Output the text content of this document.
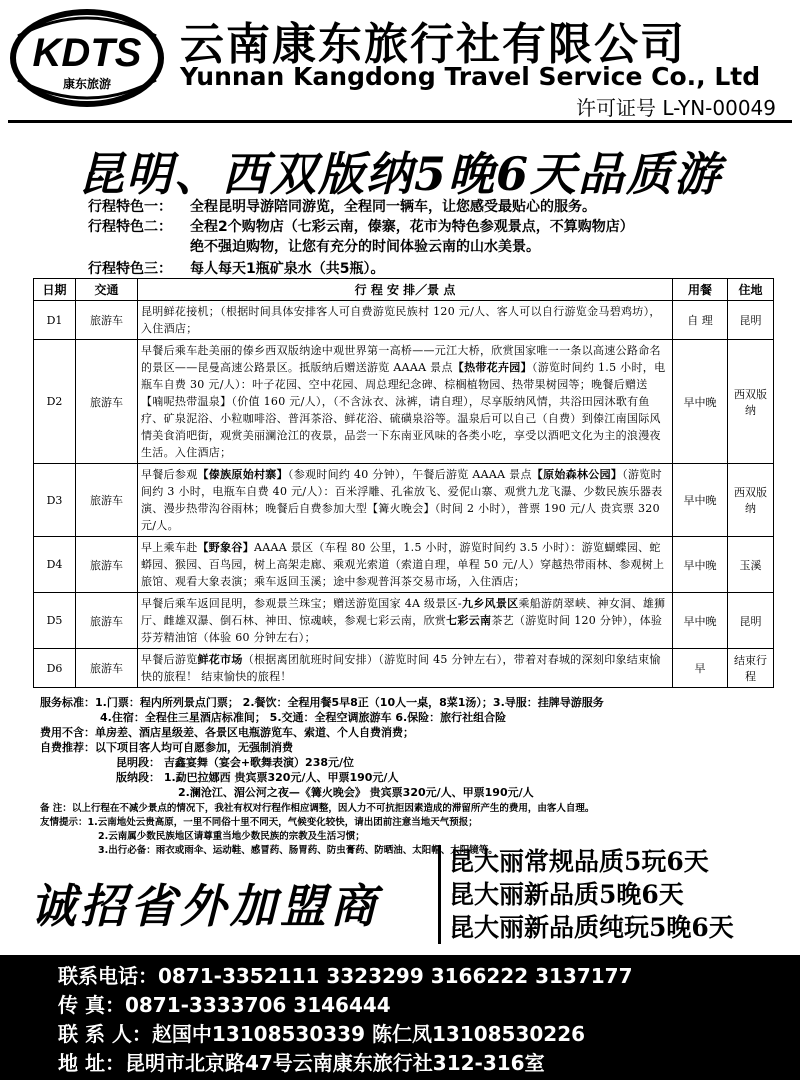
KDTS
康东旅游
云南康东旅行社有限公司
Yunnan Kangdong Travel Service Co., Ltd
许可证号 L-YN-00049
昆明、西双版纳5晚6天品质游
行程特色一： 全程昆明导游陪同游览，全程同一辆车，让您感受最贴心的服务。
行程特色二： 全程2个购物店（七彩云南，傣寨，花市为特色参观景点，不算购物店）
绝不强迫购物，让您有充分的时间体验云南的山水美景。
行程特色三： 每人每天1瓶矿泉水（共5瓶）。
日期	交通	行 程 安 排／景 点	用餐	住地
D1	旅游车	昆明鲜花接机；（根据时间具体安排客人可自费游览民族村 120 元/人、客人可以自行游览金马碧鸡坊），入住酒店；	自 理	昆明
D2	旅游车	早餐后乘车赴美丽的傣乡西双版纳途中观世界第一高桥——元江大桥，欣赏国家唯一一条以高速公路命名的景区——昆曼高速公路景区。抵版纳后赠送游览 AAAA 景点【热带花卉园】（游览时间约 1.5 小时，电瓶车自费 30 元/人）：叶子花园、空中花园、周总理纪念碑、棕榈植物园、热带果树园等；晚餐后赠送【喃呢热带温泉】（价值 160 元/人），（不含泳衣、泳裤，请自理），尽享版纳风情，共浴田园沐歌有鱼疗、矿泉泥浴、小粒咖啡浴、普洱茶浴、鲜花浴、硫磺泉浴等。温泉后可以自己（自费）到傣江南国际风情美食消吧街，观赏美丽澜沧江的夜景，品尝一下东南亚风味的各类小吃，享受以酒吧文化为主的浪漫夜生活。入住酒店；	早中晚	西双版纳
D3	旅游车	早餐后参观【傣族原始村寨】（参观时间约 40 分钟），午餐后游览 AAAA 景点【原始森林公园】（游览时间约 3 小时，电瓶车自费 40 元/人）：百米浮雕、孔雀放飞、爱伲山寨、观赏九龙飞瀑、少数民族乐器表演、漫步热带沟谷雨林；晚餐后自费参加大型【篝火晚会】（时间 2 小时），普票 190 元/人 贵宾票 320 元/人。	早中晚	西双版纳
D4	旅游车	早上乘车赴【野象谷】AAAA 景区（车程 80 公里，1.5 小时，游览时间约 3.5 小时）：游览蝴蝶园、蛇蟒园、猴园、百鸟园，树上高架走廊、乘观光索道（索道自理，单程 50 元/人）穿越热带雨林、参观树上旅馆、观看大象表演；乘车返回玉溪；途中参观普洱茶交易市场，入住酒店；	早中晚	玉溪
D5	旅游车	早餐后乘车返回昆明，参观景兰珠宝；赠送游览国家 4A 级景区-九乡风景区乘船游荫翠峡、神女洞、雄狮厅、雌雄双瀑、倒石林、神田、惊魂峡，参观七彩云南，欣赏七彩云南茶艺（游览时间 120 分钟），体验芬芳精油馆（体验 60 分钟左右）；	早中晚	昆明
D6	旅游车	早餐后游览鲜花市场（根据离团航班时间安排）（游览时间 45 分钟左右），带着对春城的深刻印象结束愉快的旅程！ 结束愉快的旅程！	早	结束行程
服务标准：1.门票：程内所列景点门票； 2.餐饮：全程用餐5早8正（10人一桌，8菜1汤）；3.导服：挂牌导游服务
4.住宿：全程住三星酒店标准间； 5.交通：全程空调旅游车 6.保险：旅行社组合险
费用不含：单房差、酒店星级差、各景区电瓶游览车、索道、个人自费消费；
自费推荐：以下项目客人均可自愿参加，无强制消费
昆明段： 吉鑫宴舞（宴会+歌舞表演）238元/位
版纳段： 1.勐巴拉娜西 贵宾票320元/人、甲票190元/人
2.澜沧江、湄公河之夜—《篝火晚会》 贵宾票320元/人、甲票190元/人
备 注：以上行程在不减少景点的情况下，我社有权对行程作相应调整，因人力不可抗拒因素造成的滞留所产生的费用，由客人自理。
友情提示：1.云南地处云贵高原，一里不同俗十里不同天，气候变化较快，请出团前注意当地天气预报；
2.云南属少数民族地区请尊重当地少数民族的宗教及生活习惯；
3.出行必备：雨衣或雨伞、运动鞋、感冒药、肠胃药、防虫膏药、防晒油、太阳帽、太阳镜等。
诚招省外加盟商
昆大丽常规品质5玩6天
昆大丽新品质5晚6天
昆大丽新品质纯玩5晚6天
联系电话：0871-3352111 3323299 3166222 3137177
传 真：0871-3333706 3146444
联 系 人：赵国中13108530339 陈仁凤13108530226
地 址：昆明市北京路47号云南康东旅行社312-316室
